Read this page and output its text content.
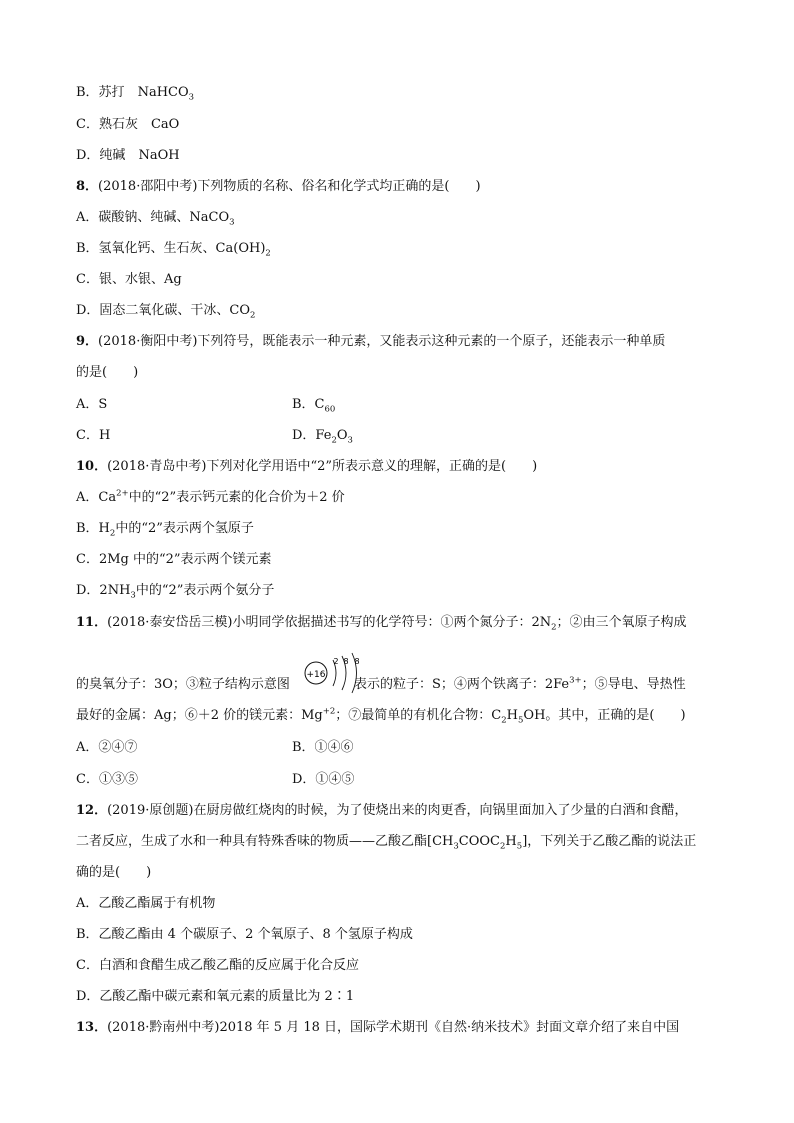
B．苏打　 NaHCO$_3$
C．熟石灰　 CaO
D．纯碱　 NaOH
8．(2018·邵阳中考)下列物质的名称、俗名和化学式均正确的是(　　)
A．碳酸钠、纯碱、NaCO$_3$
B．氢氧化钙、生石灰、$Ca(OH)_2$
C．银、水银、Ag
D．固态二氧化碳、干冰、$CO_2$
9．(2018·衡阳中考)下列符号，既能表示一种元素，又能表示这种元素的一个原子，还能表示一种单质
的是(　　)
A．S	B．$C_{60}$
C．H	D．$Fe_2O_3$
10．(2018·青岛中考)下列对化学用语中“2”所表示意义的理解，正确的是(　　)
A．$Ca^{2+}$中的“2”表示钙元素的化合价为＋2 价
B．$H_2$中的“2”表示两个氢原子
C．2Mg 中的“2”表示两个镁元素
D．$2NH_3$中的“2”表示两个氨分子
11．(2018·泰安岱岳三模)小明同学依据描述书写的化学符号：①两个氮分子：$2N_2$；②由三个氧原子构成
+16
2 8 8
的臭氧分子：3O；③粒子结构示意图	表示的粒子：S；④两个铁离子：$2Fe^{3+}$；⑤导电、导热性
最好的金属：Ag；⑥＋2 价的镁元素：$Mg^{+2}$；⑦最简单的有机化合物：$C_2H_5OH$。其中，正确的是(　　)
A．②④⑦	B．①④⑥
C．①③⑤	D．①④⑤
12．(2019·原创题)在厨房做红烧肉的时候，为了使烧出来的肉更香，向锅里面加入了少量的白酒和食醋，
二者反应，生成了水和一种具有特殊香味的物质——乙酸乙酯$[CH_3COOC_2H_5]$，下列关于乙酸乙酯的说法正
确的是(　　)
A．乙酸乙酯属于有机物
B．乙酸乙酯由 4 个碳原子、2 个氧原子、8 个氢原子构成
C．白酒和食醋生成乙酸乙酯的反应属于化合反应
D．乙酸乙酯中碳元素和氧元素的质量比为 2∶1
13．(2018·黔南州中考)2018 年 5 月 18 日，国际学术期刊《自然·纳米技术》封面文章介绍了来自中国
